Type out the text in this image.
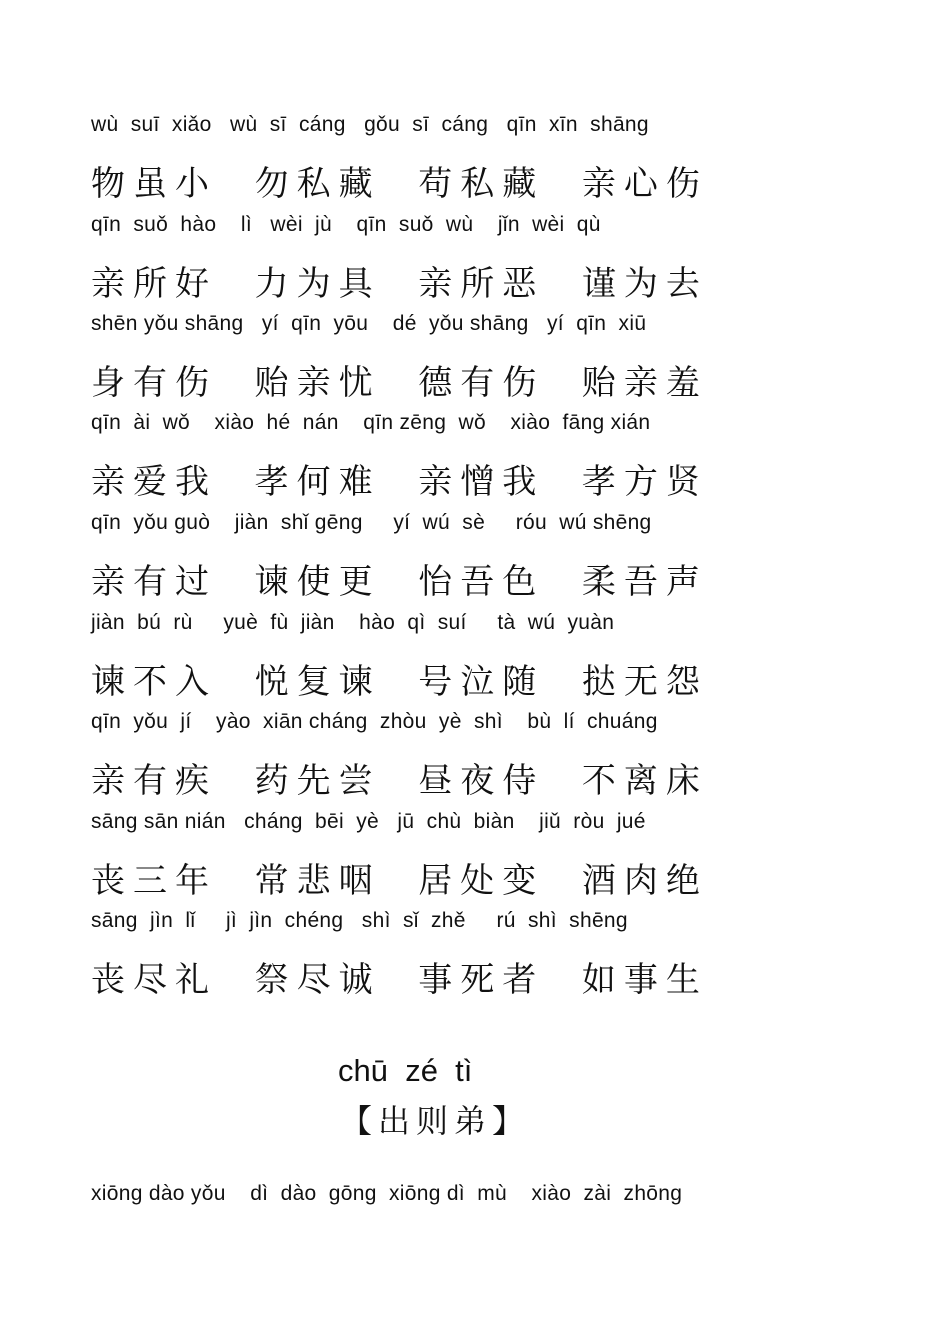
wù  suī  xiǎo   wù  sī  cáng   gǒu  sī  cáng   qīn  xīn  shāng
物虽小  勿私藏  苟私藏  亲心伤
qīn  suǒ  hào    lì   wèi  jù    qīn  suǒ  wù    jǐn  wèi  qù
亲所好  力为具  亲所恶  谨为去
shēn yǒu shāng   yí  qīn  yōu    dé  yǒu shāng   yí  qīn  xiū
身有伤  贻亲忧  德有伤  贻亲羞
qīn  ài  wǒ    xiào  hé  nán    qīn zēng  wǒ    xiào  fāng xián
亲爱我  孝何难  亲憎我  孝方贤
qīn  yǒu guò    jiàn  shǐ gēng     yí  wú  sè     róu  wú shēng
亲有过  谏使更  怡吾色  柔吾声
jiàn  bú  rù     yuè  fù  jiàn    hào  qì  suí     tà  wú  yuàn
谏不入  悦复谏  号泣随  挞无怨
qīn  yǒu  jí    yào  xiān cháng  zhòu  yè  shì    bù  lí  chuáng
亲有疾  药先尝  昼夜侍  不离床
sāng sān nián   cháng  bēi  yè   jū  chù  biàn    jiǔ  ròu  jué
丧三年  常悲咽  居处变  酒肉绝
sāng  jìn  lǐ     jì  jìn  chéng   shì  sǐ  zhě     rú  shì  shēng
丧尽礼  祭尽诚  事死者  如事生
chū  zé  tì
【出则弟】
xiōng dào yǒu    dì  dào  gōng  xiōng dì  mù    xiào  zài  zhōng
